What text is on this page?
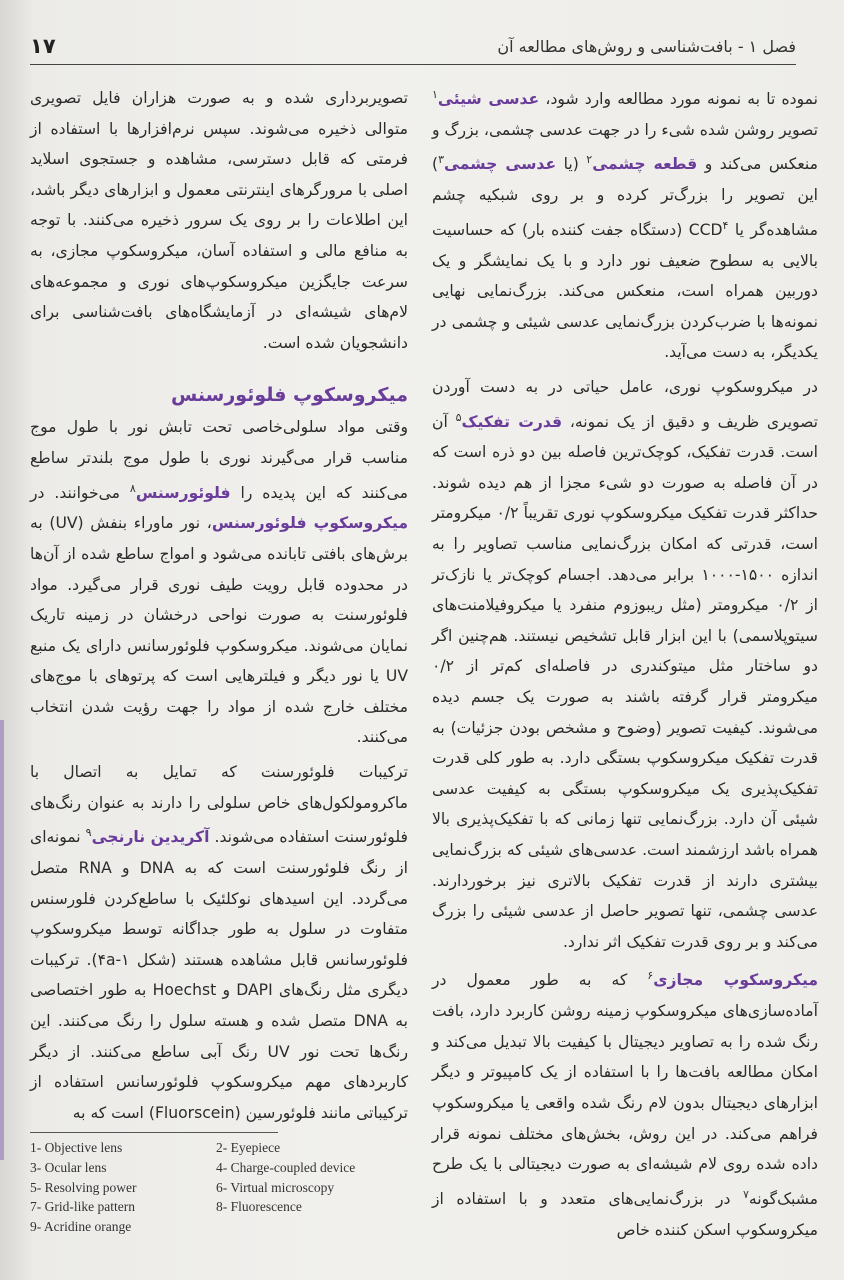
۱۷	فصل ۱ - بافت‌شناسی و روش‌های مطالعه آن

نموده تا به نمونه مورد مطالعه وارد شود، عدسی شیئی$^۱$ تصویر روشن شده شیء را در جهت عدسی چشمی، بزرگ و منعکس می‌کند و قطعه چشمی$^۲$ (یا عدسی چشمی$^۳$) این تصویر را بزرگ‌تر کرده و بر روی شبکیه چشم مشاهده‌گر یا CCD$^۴$ (دستگاه جفت کننده بار) که حساسیت بالایی به سطوح ضعیف نور دارد و با یک نمایشگر و یک دوربین همراه است، منعکس می‌کند. بزرگ‌نمایی نهایی نمونه‌ها با ضرب‌کردن بزرگ‌نمایی عدسی شیئی و چشمی در یکدیگر، به دست می‌آید.

در میکروسکوپ نوری، عامل حیاتی در به دست آوردن تصویری ظریف و دقیق از یک نمونه، قدرت تفکیک$^۵$ آن است. قدرت تفکیک، کوچک‌ترین فاصله بین دو ذره است که در آن فاصله به صورت دو شیء مجزا از هم دیده شوند. حداکثر قدرت تفکیک میکروسکوپ نوری تقریباً ۰/۲ میکرومتر است، قدرتی که امکان بزرگ‌نمایی مناسب تصاویر را به اندازه ۱۵۰۰-۱۰۰۰ برابر می‌دهد. اجسام کوچک‌تر یا نازک‌تر از ۰/۲ میکرومتر (مثل ریبوزوم منفرد یا میکروفیلامنت‌های سیتوپلاسمی) با این ابزار قابل تشخیص نیستند. هم‌چنین اگر دو ساختار مثل میتوکندری در فاصله‌ای کم‌تر از ۰/۲ میکرومتر قرار گرفته باشند به صورت یک جسم دیده می‌شوند. کیفیت تصویر (وضوح و مشخص بودن جزئیات) به قدرت تفکیک میکروسکوپ بستگی دارد. به طور کلی قدرت تفکیک‌پذیری یک میکروسکوپ بستگی به کیفیت عدسی شیئی آن دارد. بزرگ‌نمایی تنها زمانی که با تفکیک‌پذیری بالا همراه باشد ارزشمند است. عدسی‌های شیئی که بزرگ‌نمایی بیشتری دارند از قدرت تفکیک بالاتری نیز برخوردارند. عدسی چشمی، تنها تصویر حاصل از عدسی شیئی را بزرگ می‌کند و بر روی قدرت تفکیک اثر ندارد.

میکروسکوپ مجازی$^۶$ که به طور معمول در آماده‌سازی‌های میکروسکوپ زمینه روشن کاربرد دارد، بافت رنگ شده را به تصاویر دیجیتال با کیفیت بالا تبدیل می‌کند و امکان مطالعه بافت‌ها را با استفاده از یک کامپیوتر و دیگر ابزارهای دیجیتال بدون لام رنگ شده واقعی یا میکروسکوپ فراهم می‌کند. در این روش، بخش‌های مختلف نمونه قرار داده شده روی لام شیشه‌ای به صورت دیجیتالی با یک طرح مشبک‌گونه$^۷$ در بزرگ‌نمایی‌های متعدد و با استفاده از میکروسکوپ اسکن کننده خاص

تصویربرداری شده و به صورت هزاران فایل تصویری متوالی ذخیره می‌شوند. سپس نرم‌افزارها با استفاده از فرمتی که قابل دسترسی، مشاهده و جستجوی اسلاید اصلی با مرورگرهای اینترنتی معمول و ابزارهای دیگر باشد، این اطلاعات را بر روی یک سرور ذخیره می‌کنند. با توجه به منافع مالی و استفاده آسان، میکروسکوپ مجازی، به سرعت جایگزین میکروسکوپ‌های نوری و مجموعه‌های لام‌های شیشه‌ای در آزمایشگاه‌های بافت‌شناسی برای دانشجویان شده است.

میکروسکوپ فلوئورسنس

وقتی مواد سلولی‌خاصی تحت تابش نور با طول موج مناسب قرار می‌گیرند نوری با طول موج بلندتر ساطع می‌کنند که این پدیده را فلوئورسنس$^۸$ می‌خوانند. در میکروسکوپ فلوئورسنس، نور ماوراء بنفش (UV) به برش‌های بافتی تابانده می‌شود و امواج ساطع شده از آن‌ها در محدوده قابل رویت طیف نوری قرار می‌گیرد. مواد فلوئورسنت به صورت نواحی درخشان در زمینه تاریک نمایان می‌شوند. میکروسکوپ فلوئورسانس دارای یک منبع UV یا نور دیگر و فیلترهایی است که پرتوهای با موج‌های مختلف خارج شده از مواد را جهت رؤیت شدن انتخاب می‌کنند.

ترکیبات فلوئورسنت که تمایل به اتصال با ماکرومولکول‌های خاص سلولی را دارند به عنوان رنگ‌های فلوئورسنت استفاده می‌شوند. آکریدین نارنجی$^۹$ نمونه‌ای از رنگ فلوئورسنت است که به DNA و RNA متصل می‌گردد. این اسیدهای نوکلئیک با ساطع‌کردن فلورسنس متفاوت در سلول به طور جداگانه توسط میکروسکوپ فلوئورسانس قابل مشاهده هستند (شکل ۱-۴a). ترکیبات دیگری مثل رنگ‌های DAPI و Hoechst به طور اختصاصی به DNA متصل شده و هسته سلول را رنگ می‌کنند. این رنگ‌ها تحت نور UV رنگ آبی ساطع می‌کنند. از دیگر کاربردهای مهم میکروسکوپ فلوئورسانس استفاده از ترکیباتی مانند فلوئورسین (Fluorscein) است که به

1- Objective lens	2- Eyepiece
3- Ocular lens	4- Charge-coupled device
5- Resolving power	6- Virtual microscopy
7- Grid-like pattern	8- Fluorescence
9- Acridine orange
